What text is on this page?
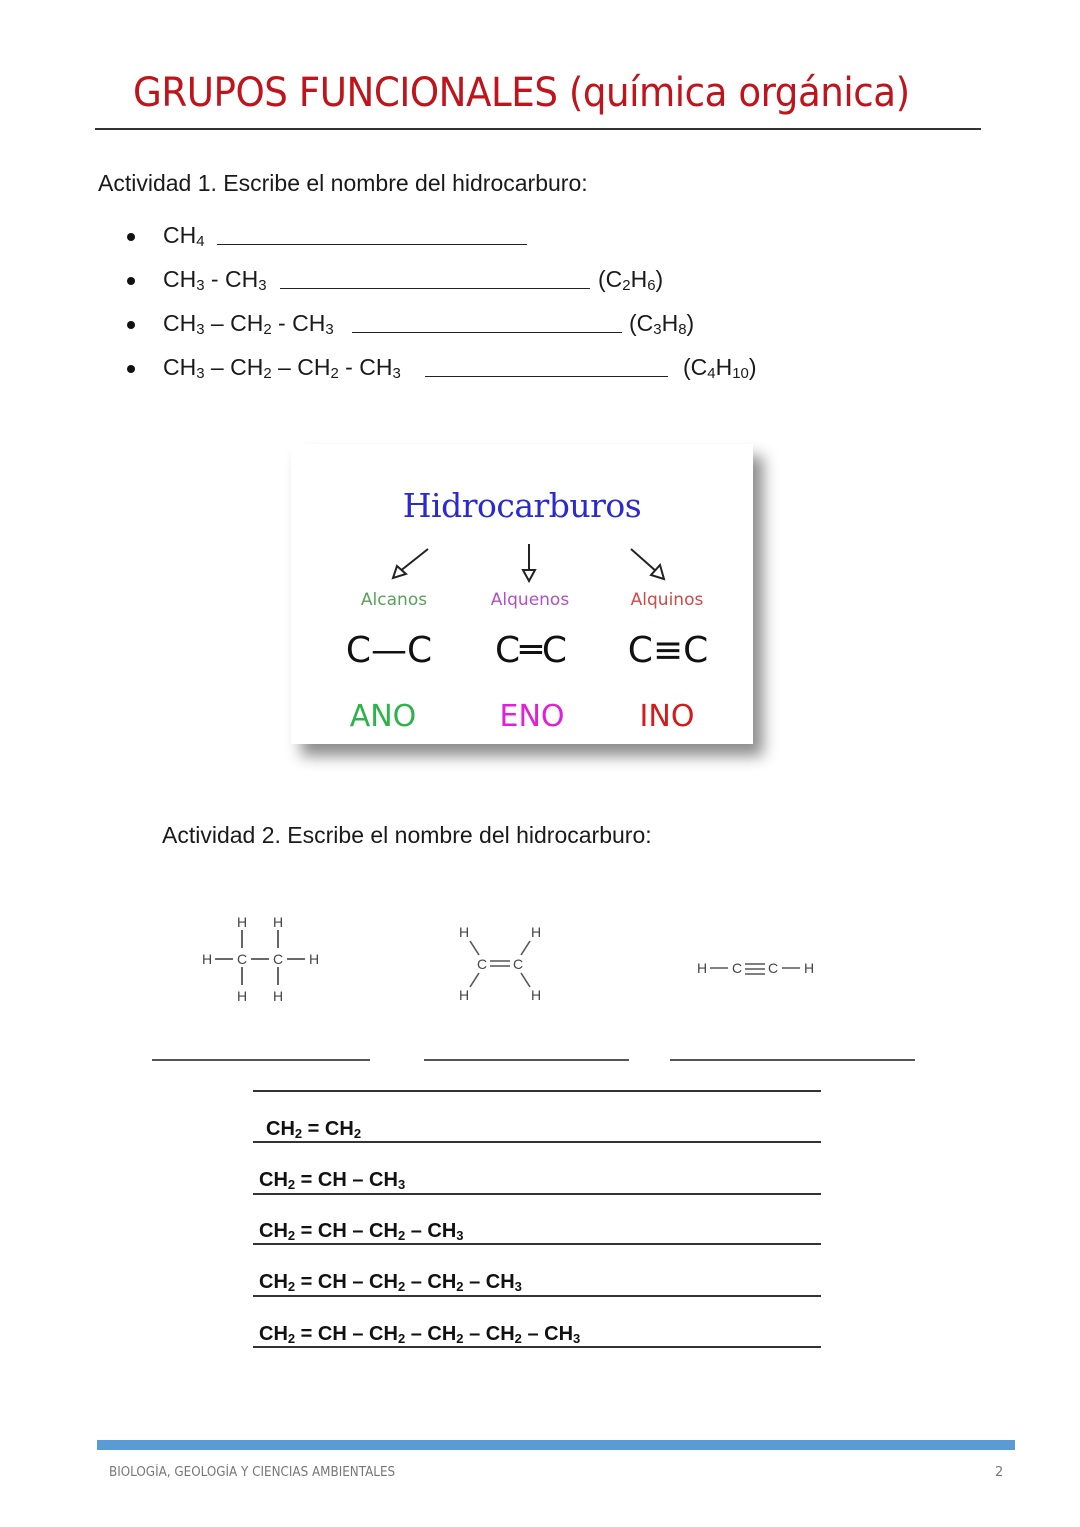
GRUPOS FUNCIONALES (química orgánica)
Actividad 1. Escribe el nombre del hidrocarburo:
$CH_4$
$CH_3 - CH_3$	$(C_2H_6)$
$CH_3 - CH_2 - CH_3$	$(C_3H_8)$
$CH_3 - CH_2 - CH_2 - CH_3$	$(C_4H_{10})$
Hidrocarburos
Alcanos	Alquenos	Alquinos
C—C	C═C	C≡C
ANO	ENO	INO
Actividad 2. Escribe el nombre del hidrocarburo:
H H
H C C H
H H
H	H
C C
H	H
H C C H
$CH_2 = CH_2$
$CH_2$ = CH – $CH_3$
$CH_2$ = CH – $CH_2 - CH_3$
$CH_2$ = CH – $CH_2 - CH_2 - CH_3$
$CH_2$ = CH – $CH_2 - CH_2 - CH_2 - CH_3$
BIOLOGÍA, GEOLOGÍA Y CIENCIAS AMBIENTALES	2
